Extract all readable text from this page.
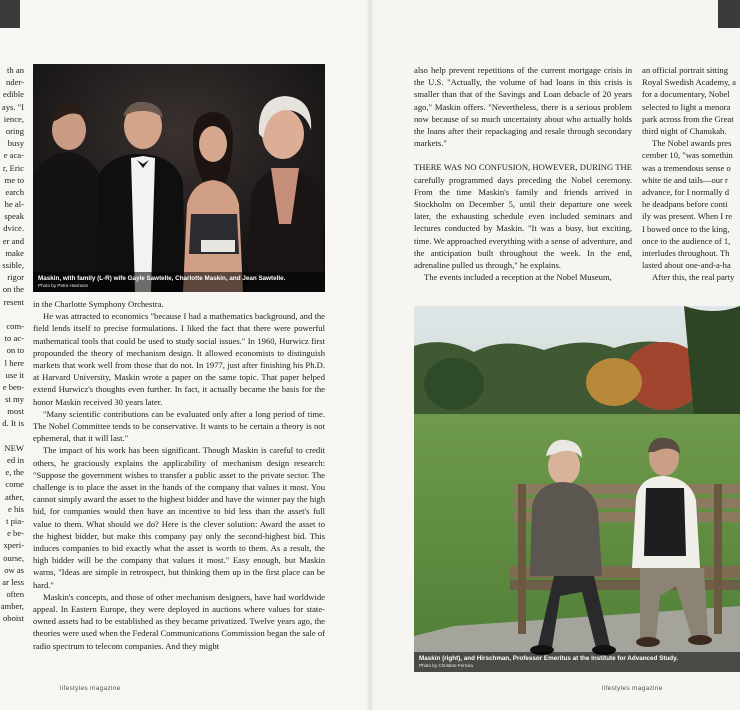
th an
nder-
edible
ays. "I
ience,
oring
busy
e aca-
r, Eric
me to
earch
he al-
speak
dvice.
er and
make
ssible,
rigor
on the
resent
com-
to ac-
on to
l here
use it
e ben-
st my
most
d. It is
NEW
ed in
e, the
come
ather,
e his
t pia-
e be-
xperi-
ourse,
ow as
ar less
often
amber,
oboist
Maskin, with family (L-R) wife Gayle Sawtelle, Charlotte Maskin, and Jean Sawtelle.
Photo by Petra Hannson

in the Charlotte Symphony Orchestra.

He was attracted to economics "because I had a mathematics background, and the field lends itself to precise formulations. I liked the fact that there were powerful mathematical tools that could be used to study social issues." In 1960, Hurwicz first propounded the theory of mechanism design. It allowed economists to distinguish markets that work well from those that do not. In 1977, just after finishing his Ph.D. at Harvard University, Maskin wrote a paper on the same topic. That paper helped extend Hurwicz's thoughts even further. In fact, it actually became the basis for the honor Maskin received 30 years later.

"Many scientific contributions can be evaluated only after a long period of time. The Nobel Committee tends to be conservative. It wants to be certain a theory is not ephemeral, that it will last."

The impact of his work has been significant. Though Maskin is careful to credit others, he graciously explains the applicability of mechanism design research: "Suppose the government wishes to transfer a public asset to the private sector. The challenge is to place the asset in the hands of the company that values it most. You cannot simply award the asset to the highest bidder and have the winner pay the high bid, for companies would then have an incentive to bid less than the asset's full value to them. What should we do? Here is the clever solution: Award the asset to the highest bidder, but make this company pay only the second-highest bid. This induces companies to bid exactly what the asset is worth to them. As a result, the high bidder will be the company that values it most." Easy enough, but Maskin warns, "Ideas are simple in retrospect, but thinking them up in the first place can be hard."

Maskin's concepts, and those of other mechanism designers, have had worldwide appeal. In Eastern Europe, they were deployed in auctions where values for state-owned assets had to be established as they became privatized. Twelve years ago, the theories were used when the Federal Communications Commission began the sale of radio spectrum to telecom companies. And they might

lifestyles magazine

also help prevent repetitions of the current mortgage crisis in the U.S. "Actually, the volume of bad loans in this crisis is smaller than that of the Savings and Loan debacle of 20 years ago," Maskin offers. "Nevertheless, there is a serious problem now because of so much uncertainty about who actually holds the loans after their repackaging and resale through secondary markets."

THERE WAS NO CONFUSION, HOWEVER, DURING THE carefully programmed days preceding the Nobel ceremony. From the time Maskin's family and friends arrived in Stockholm on December 5, until their departure one week later, the exhausting schedule even included seminars and lectures conducted by Maskin. "It was a busy, but exciting, time. We approached everything with a sense of adventure, and the anticipation built throughout the week. In the end, adrenaline pulled us through," he explains.

The events included a reception at the Nobel Museum,

an official portrait sitting
Royal Swedish Academy, a
for a documentary, Nobel
selected to light a menora
park across from the Great
third night of Chanukah.
The Nobel awards pres
cember 10, "was somethin
was a tremendous sense o
white tie and tails—our r
advance, for I normally d
he deadpans before conti
ily was present. When I re
I bowed once to the king,
once to the audience of 1,
interludes throughout. Th
lasted about one-and-a-ha
After this, the real party
Maskin (right), and Hirschman, Professor Emeritus at the Institute for Advanced Study.
Photo by Christine Ferrara
lifestyles magazine
